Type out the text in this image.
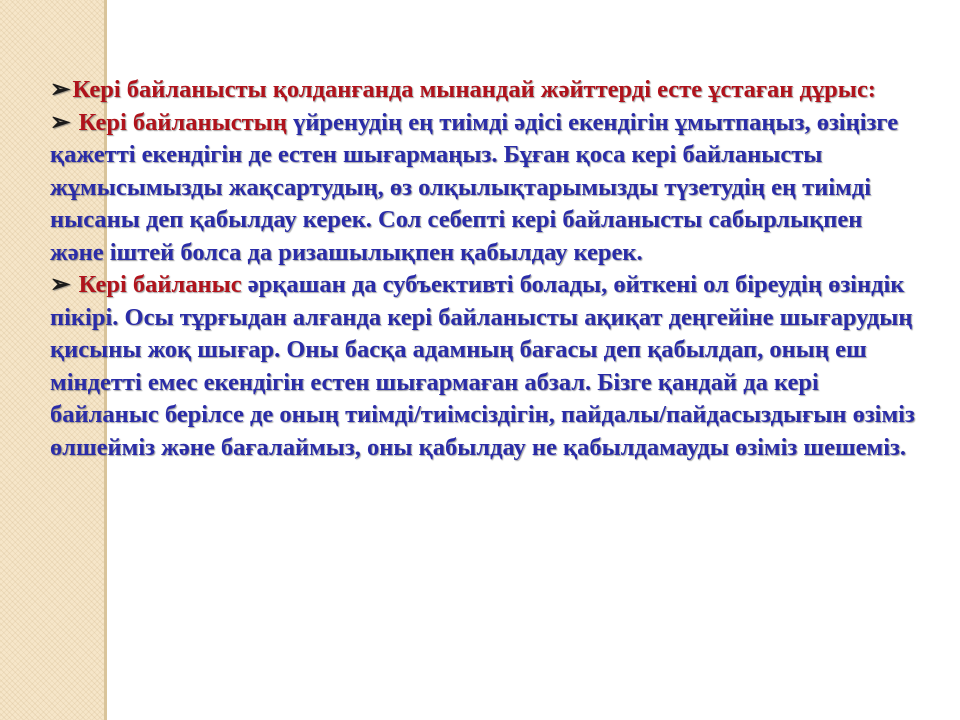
➢Кері байланысты қолданғанда мынандай жәйттерді есте ұстаған дұрыс:

➢ Кері байланыстың үйренудің ең тиімді әдісі екендігін ұмытпаңыз, өзіңізге қажетті екендігін де естен шығармаңыз. Бұған қоса кері байланысты жұмысымызды жақсартудың, өз олқылықтарымызды түзетудің ең тиімді нысаны деп қабылдау керек. Сол себепті кері байланысты сабырлықпен және іштей болса да ризашылықпен қабылдау керек.

➢ Кері байланыс әрқашан да субъективті болады, өйткені ол біреудің өзіндік пікірі. Осы тұрғыдан алғанда кері байланысты ақиқат деңгейіне шығарудың қисыны жоқ шығар. Оны басқа адамның бағасы деп қабылдап, оның еш міндетті емес екендігін естен шығармаған абзал. Бізге қандай да кері байланыс берілсе де оның тиімді/тиімсіздігін, пайдалы/пайдасыздығын өзіміз өлшейміз және бағалаймыз, оны қабылдау не қабылдамауды өзіміз шешеміз.
